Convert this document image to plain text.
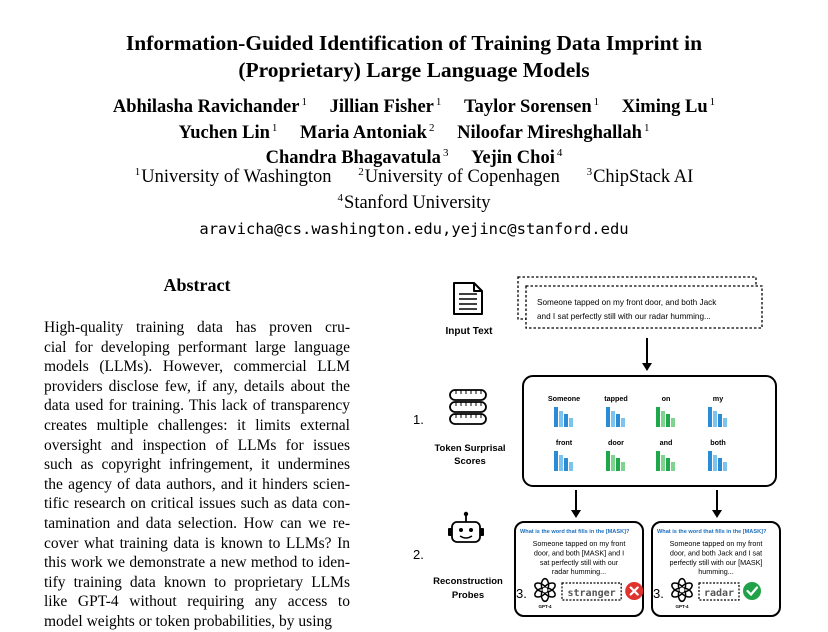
Information-Guided Identification of Training Data Imprint in
(Proprietary) Large Language Models
Abhilasha Ravichander $^1$ Jillian Fisher $^1$ Taylor Sorensen $^1$ Ximing Lu $^1$
Yuchen Lin $^1$ Maria Antoniak $^2$ Niloofar Mireshghallah $^1$
Chandra Bhagavatula $^3$ Yejin Choi $^4$
$^1$University of Washington $^2$University of Copenhagen $^3$ChipStack AI
$^4$Stanford University
aravicha@cs.washington.edu,yejinc@stanford.edu
Abstract
High-quality training data has proven cru-
cial for developing performant large language
models (LLMs). However, commercial LLM
providers disclose few, if any, details about the
data used for training. This lack of transparency
creates multiple challenges: it limits external
oversight and inspection of LLMs for issues
such as copyright infringement, it undermines
the agency of data authors, and it hinders scien-
tific research on critical issues such as data con-
tamination and data selection. How can we re-
cover what training data is known to LLMs? In
this work we demonstrate a new method to iden-
tify training data known to proprietary LLMs
like GPT-4 without requiring any access to
model weights or token probabilities, by using
Input Text
Someone tapped on my front door, and both Jack
and I sat perfectly still with our radar humming...
1.
Token Surprisal
Scores
Someone	tapped	on	my
front	door	and	both
2.
Reconstruction
Probes
What is the word that fills in the [MASK]?
Someone tapped on my front
door, and both [MASK] and I
sat perfectly still with our
radar humming...
3.
GPT-4
stranger
What is the word that fills in the [MASK]?
Someone tapped on my front
door, and both Jack and I sat
perfectly still with our [MASK]
humming...
3.
GPT-4
radar
